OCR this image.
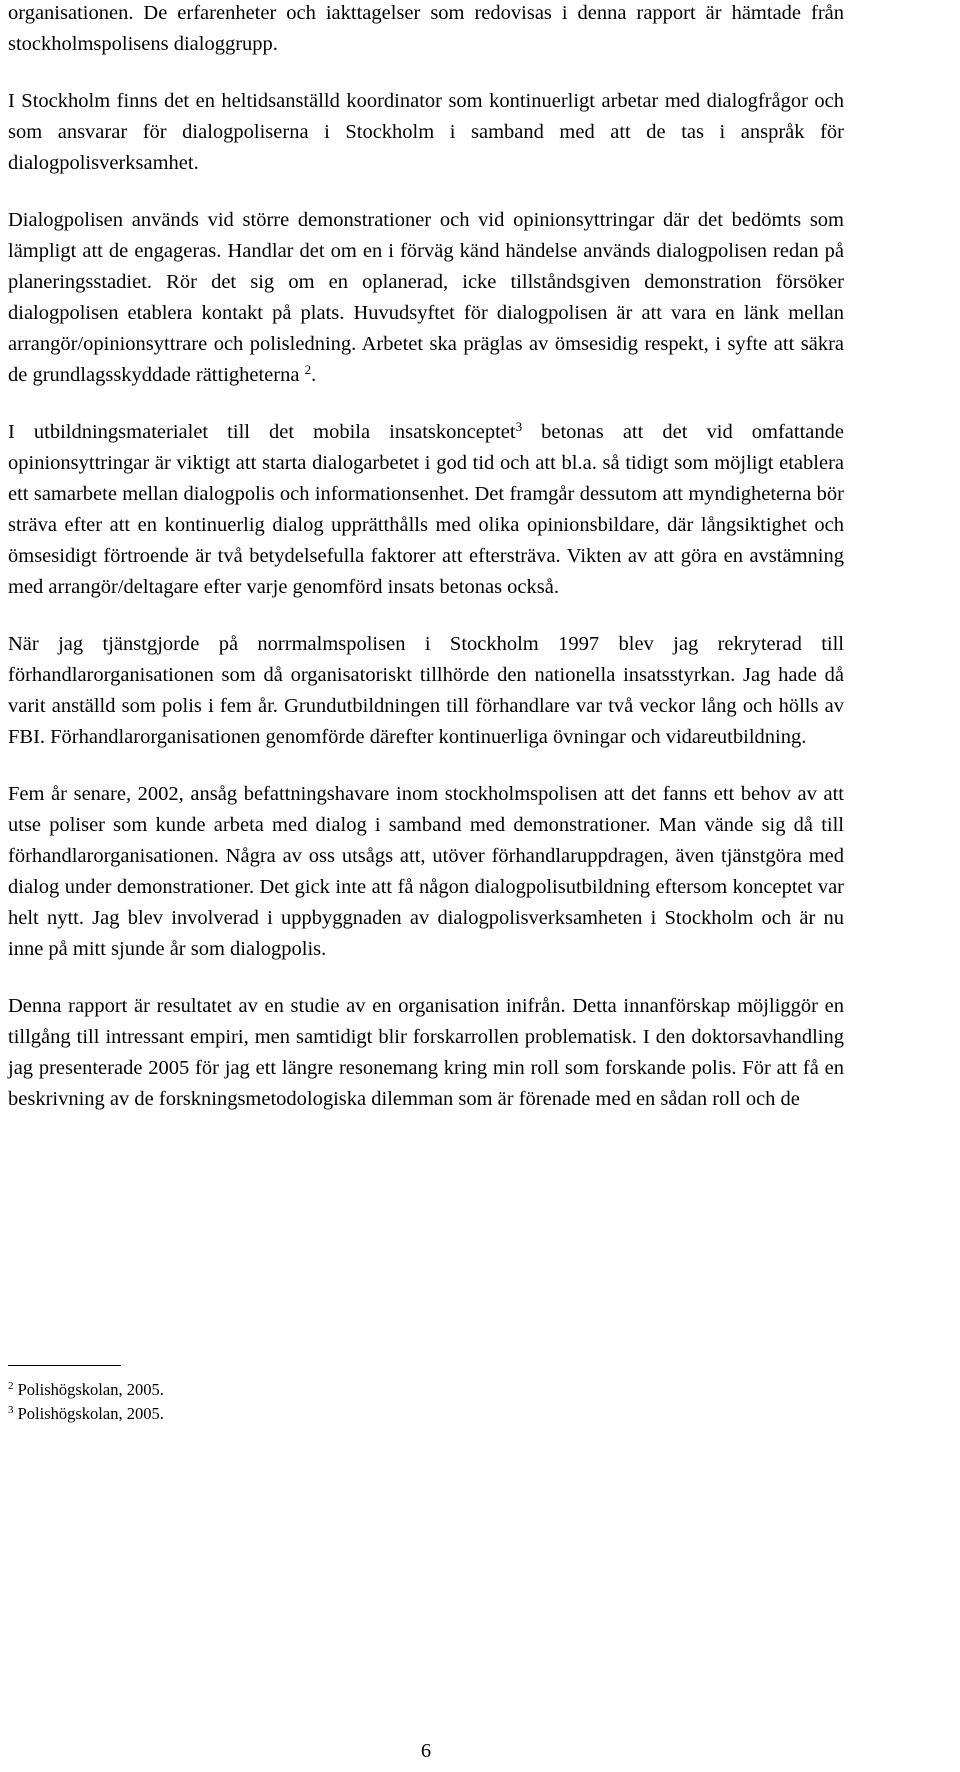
organisationen. De erfarenheter och iakttagelser som redovisas i denna rapport är hämtade från stockholmspolisens dialoggrupp.

I Stockholm finns det en heltidsanställd koordinator som kontinuerligt arbetar med dialogfrågor och som ansvarar för dialogpoliserna i Stockholm i samband med att de tas i anspråk för dialogpolisverksamhet.

Dialogpolisen används vid större demonstrationer och vid opinionsyttringar där det bedömts som lämpligt att de engageras. Handlar det om en i förväg känd händelse används dialogpolisen redan på planeringsstadiet. Rör det sig om en oplanerad, icke tillståndsgiven demonstration försöker dialogpolisen etablera kontakt på plats. Huvudsyftet för dialogpolisen är att vara en länk mellan arrangör/opinionsyttrare och polisledning. Arbetet ska präglas av ömsesidig respekt, i syfte att säkra de grundlagsskyddade rättigheterna $^2$.

I utbildningsmaterialet till det mobila insatskonceptet$^3$ betonas att det vid omfattande opinionsyttringar är viktigt att starta dialogarbetet i god tid och att bl.a. så tidigt som möjligt etablera ett samarbete mellan dialogpolis och informationsenhet. Det framgår dessutom att myndigheterna bör sträva efter att en kontinuerlig dialog upprätthålls med olika opinionsbildare, där långsiktighet och ömsesidigt förtroende är två betydelsefulla faktorer att eftersträva. Vikten av att göra en avstämning med arrangör/deltagare efter varje genomförd insats betonas också.

När jag tjänstgjorde på norrmalmspolisen i Stockholm 1997 blev jag rekryterad till förhandlarorganisationen som då organisatoriskt tillhörde den nationella insatsstyrkan. Jag hade då varit anställd som polis i fem år. Grundutbildningen till förhandlare var två veckor lång och hölls av FBI. Förhandlarorganisationen genomförde därefter kontinuerliga övningar och vidareutbildning.

Fem år senare, 2002, ansåg befattningshavare inom stockholmspolisen att det fanns ett behov av att utse poliser som kunde arbeta med dialog i samband med demonstrationer. Man vände sig då till förhandlarorganisationen. Några av oss utsågs att, utöver förhandlaruppdragen, även tjänstgöra med dialog under demonstrationer. Det gick inte att få någon dialogpolisutbildning eftersom konceptet var helt nytt. Jag blev involverad i uppbyggnaden av dialogpolisverksamheten i Stockholm och är nu inne på mitt sjunde år som dialogpolis.

Denna rapport är resultatet av en studie av en organisation inifrån. Detta innanförskap möjliggör en tillgång till intressant empiri, men samtidigt blir forskarrollen problematisk. I den doktorsavhandling jag presenterade 2005 för jag ett längre resonemang kring min roll som forskande polis. För att få en beskrivning av de forskningsmetodologiska dilemman som är förenade med en sådan roll och de

$^2$ Polishögskolan, 2005.
$^3$ Polishögskolan, 2005.
6
